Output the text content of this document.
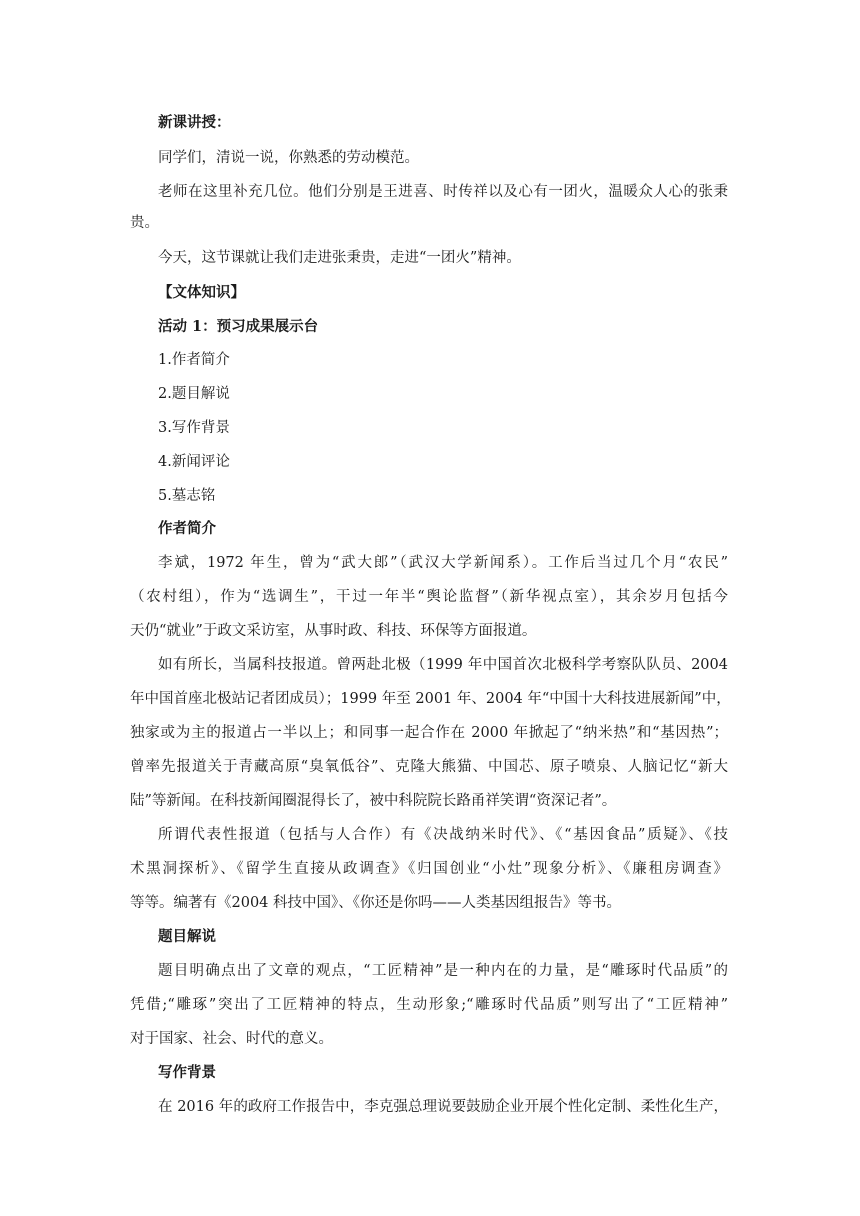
新课讲授：

同学们，清说一说，你熟悉的劳动模范。

老师在这里补充几位。他们分别是王进喜、时传祥以及心有一团火，温暖众人心的张秉

贵。

今天，这节课就让我们走进张秉贵，走进“一团火”精神。

【文体知识】

活动 1：预习成果展示台

1.作者简介

2.题目解说

3.写作背景

4.新闻评论

5.墓志铭

作者简介

李斌，1972 年生，曾为“武大郎”（武汉大学新闻系）。工作后当过几个月“农民”

（农村组），作为“选调生”，干过一年半“舆论监督”（新华视点室），其余岁月包括今

天仍“就业”于政文采访室，从事时政、科技、环保等方面报道。

如有所长，当属科技报道。曾两赴北极（1999 年中国首次北极科学考察队队员、2004

年中国首座北极站记者团成员）；1999 年至 2001 年、2004 年“中国十大科技进展新闻”中，

独家或为主的报道占一半以上；和同事一起合作在 2000 年掀起了“纳米热”和“基因热”；

曾率先报道关于青藏高原“臭氧低谷”、克隆大熊猫、中国芯、原子喷泉、人脑记忆“新大

陆”等新闻。在科技新闻圈混得长了，被中科院院长路甬祥笑谓“资深记者”。

所谓代表性报道（包括与人合作）有《决战纳米时代》、《“基因食品”质疑》、《技

术黑洞探析》、《留学生直接从政调查》《归国创业“小灶”现象分析》、《廉租房调查》

等等。编著有《2004 科技中国》、《你还是你吗——人类基因组报告》等书。

题目解说

题目明确点出了文章的观点，“工匠精神”是一种内在的力量，是“雕琢时代品质”的

凭借;“雕琢”突出了工匠精神的特点，生动形象;“雕琢时代品质”则写出了“工匠精神”

对于国家、社会、时代的意义。

写作背景

在 2016 年的政府工作报告中，李克强总理说要鼓励企业开展个性化定制、柔性化生产，
